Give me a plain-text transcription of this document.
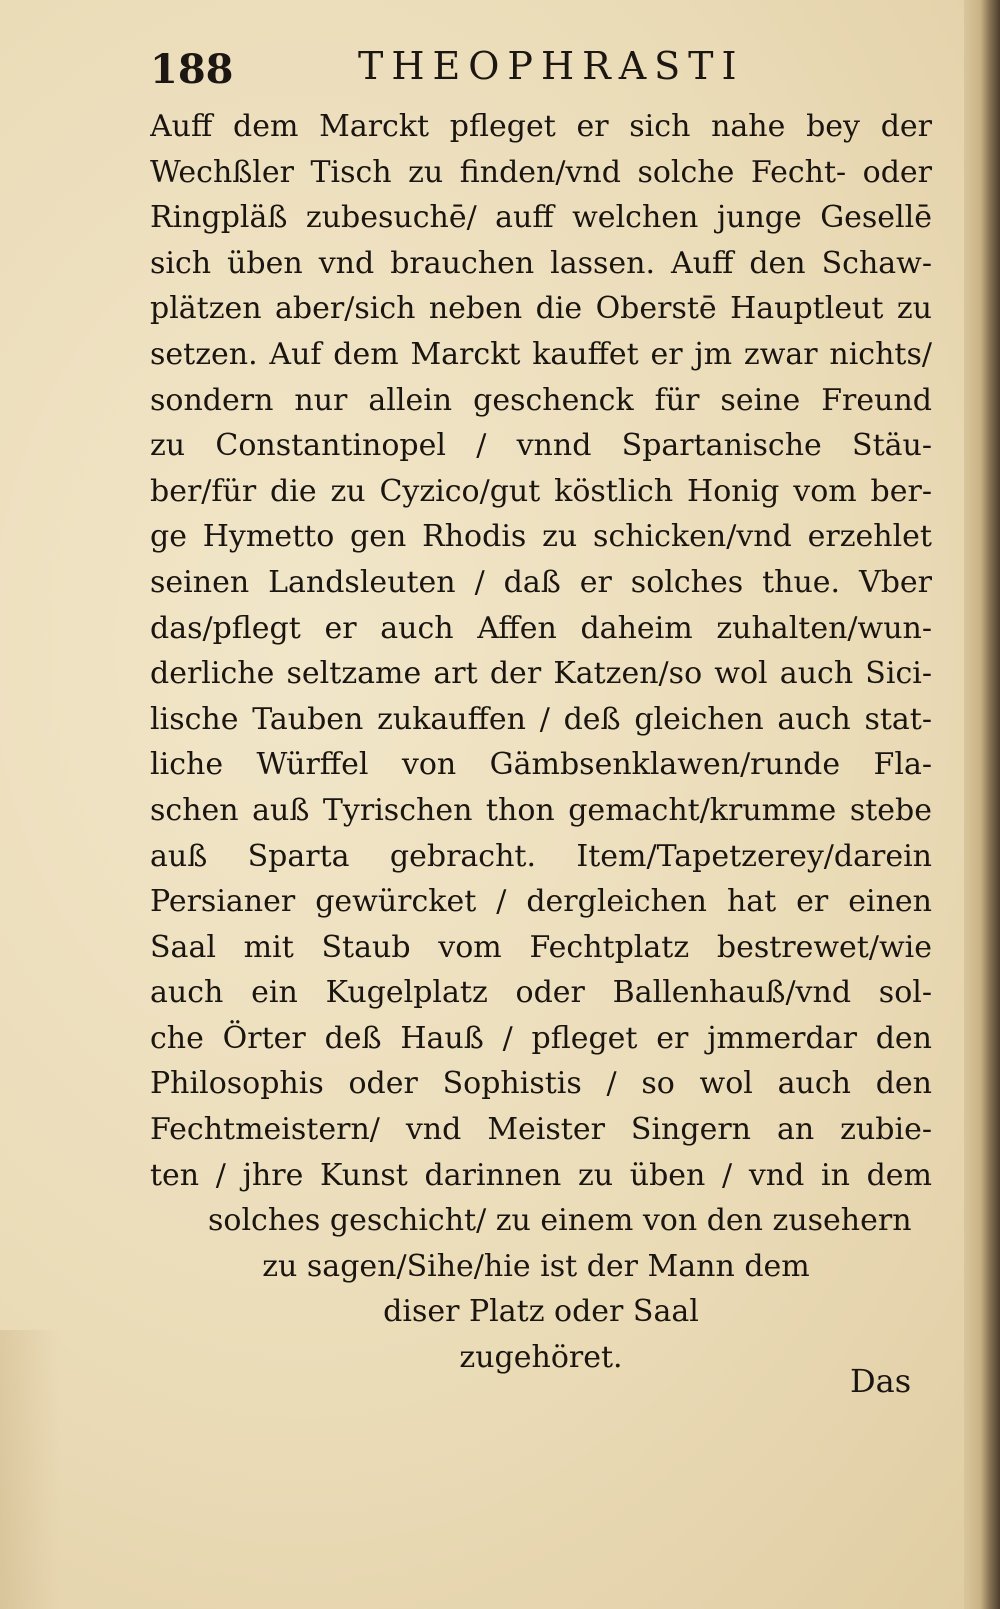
188	THEOPHRASTI
Auff dem Marckt pfleget er sich nahe bey der
Wechßler Tisch zu finden/vnd solche Fecht- oder
Ringpläß zubesuchē/ auff welchen junge Gesellē
sich üben vnd brauchen lassen. Auff den Schaw-
plätzen aber/sich neben die Oberstē Hauptleut zu
setzen. Auf dem Marckt kauffet er jm zwar nichts/
sondern nur allein geschenck für seine Freund
zu Constantinopel / vnnd Spartanische Stäu-
ber/für die zu Cyzico/gut köstlich Honig vom ber-
ge Hymetto gen Rhodis zu schicken/vnd erzehlet
seinen Landsleuten / daß er solches thue. Vber
das/pflegt er auch Affen daheim zuhalten/wun-
derliche seltzame art der Katzen/so wol auch Sici-
lische Tauben zukauffen / deß gleichen auch stat-
liche Würffel von Gämbsenklawen/runde Fla-
schen auß Tyrischen thon gemacht/krumme stebe
auß Sparta gebracht. Item/Tapetzerey/darein
Persianer gewürcket / dergleichen hat er einen
Saal mit Staub vom Fechtplatz bestrewet/wie
auch ein Kugelplatz oder Ballenhauß/vnd sol-
che Örter deß Hauß / pfleget er jmmerdar den
Philosophis oder Sophistis / so wol auch den
Fechtmeistern/ vnd Meister Singern an zubie-
ten / jhre Kunst darinnen zu üben / vnd in dem
solches geschicht/ zu einem von den zusehern
zu sagen/Sihe/hie ist der Mann dem
diser Platz oder Saal
zugehöret.
Das
